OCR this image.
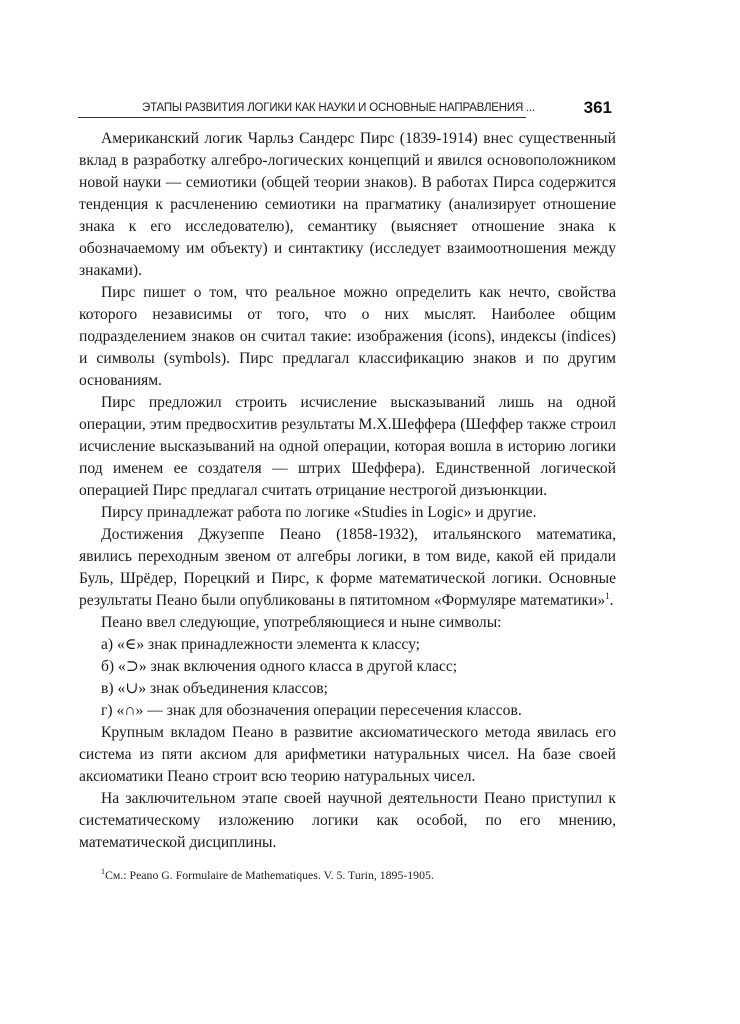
ЭТАПЫ РАЗВИТИЯ ЛОГИКИ КАК НАУКИ И ОСНОВНЫЕ НАПРАВЛЕНИЯ ...	361

Американский логик Чарльз Сандерс Пирс (1839-1914) внес существенный вклад в разработку алгебро-логических концепций и явился основоположником новой науки — семиотики (общей теории знаков). В работах Пирса содержится тенденция к расчленению семиотики на прагматику (анализирует отношение знака к его исследователю), семантику (выясняет отношение знака к обозначаемому им объекту) и синтактику (исследует взаимоотношения между знаками).

Пирс пишет о том, что реальное можно определить как нечто, свойства которого независимы от того, что о них мыслят. Наиболее общим подразделением знаков он считал такие: изображения (icons), индексы (indices) и символы (symbols). Пирс предлагал классификацию знаков и по другим основаниям.

Пирс предложил строить исчисление высказываний лишь на одной операции, этим предвосхитив результаты М.Х.Шеффера (Шеффер также строил исчисление высказываний на одной операции, которая вошла в историю логики под именем ее создателя — штрих Шеффера). Единственной логической операцией Пирс предлагал считать отрицание нестрогой дизъюнкции.

Пирсу принадлежат работа по логике «Studies in Logic» и другие.

Достижения Джузеппе Пеано (1858-1932), итальянского математика, явились переходным звеном от алгебры логики, в том виде, какой ей придали Буль, Шрёдер, Порецкий и Пирс, к форме математической логики. Основные результаты Пеано были опубликованы в пятитомном «Формуляре математики»$^1$.

Пеано ввел следующие, употребляющиеся и ныне символы:

а) «∈» знак принадлежности элемента к классу;

б) «⊃» знак включения одного класса в другой класс;

в) «∪» знак объединения классов;

г) «∩» — знак для обозначения операции пересечения классов.

Крупным вкладом Пеано в развитие аксиоматического метода явилась его система из пяти аксиом для арифметики натуральных чисел. На базе своей аксиоматики Пеано строит всю теорию натуральных чисел.

На заключительном этапе своей научной деятельности Пеано приступил к систематическому изложению логики как особой, по его мнению, математической дисциплины.

$^1$См.: Peano G. Formulaire de Mathematiques. V. 5. Turin, 1895-1905.
